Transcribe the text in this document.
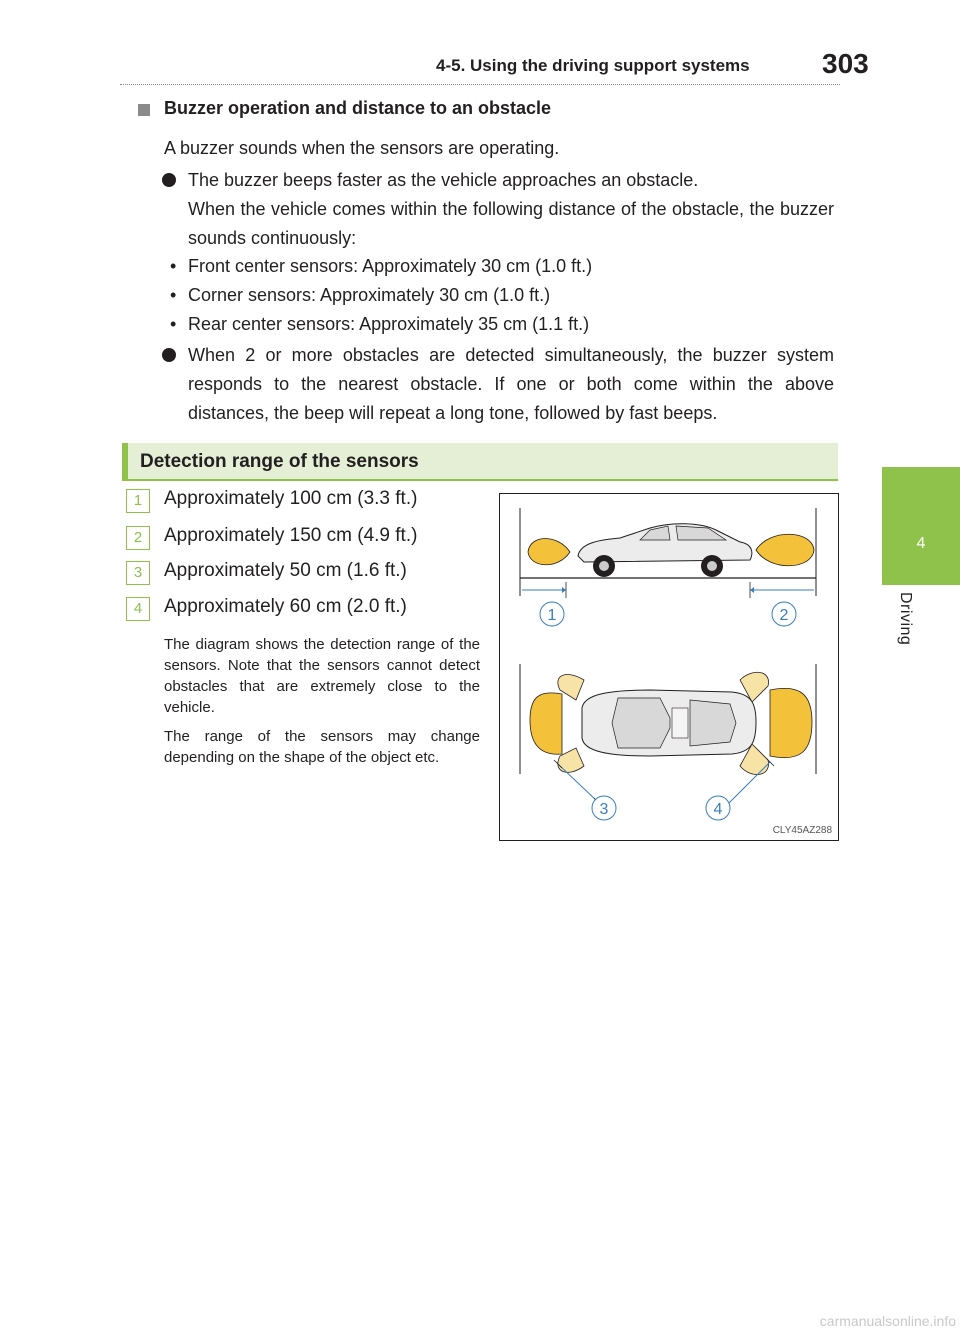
4-5. Using the driving support systems	303
4
Driving
Buzzer operation and distance to an obstacle
A buzzer sounds when the sensors are operating.
The buzzer beeps faster as the vehicle approaches an obstacle.
When the vehicle comes within the following distance of the obstacle, the buzzer sounds continuously:
• Front center sensors: Approximately 30 cm (1.0 ft.)
• Corner sensors: Approximately 30 cm (1.0 ft.)
• Rear center sensors: Approximately 35 cm (1.1 ft.)
When 2 or more obstacles are detected simultaneously, the buzzer system responds to the nearest obstacle. If one or both come within the above distances, the beep will repeat a long tone, followed by fast beeps.
Detection range of the sensors
1	Approximately 100 cm (3.3 ft.)
2	Approximately 150 cm (4.9 ft.)
3	Approximately 50 cm (1.6 ft.)
4	Approximately 60 cm (2.0 ft.)
The diagram shows the detection range of the sensors. Note that the sensors cannot detect obstacles that are extremely close to the vehicle.
The range of the sensors may change depending on the shape of the object etc.
1	2
3	4
CLY45AZ288
carmanualsonline.info
